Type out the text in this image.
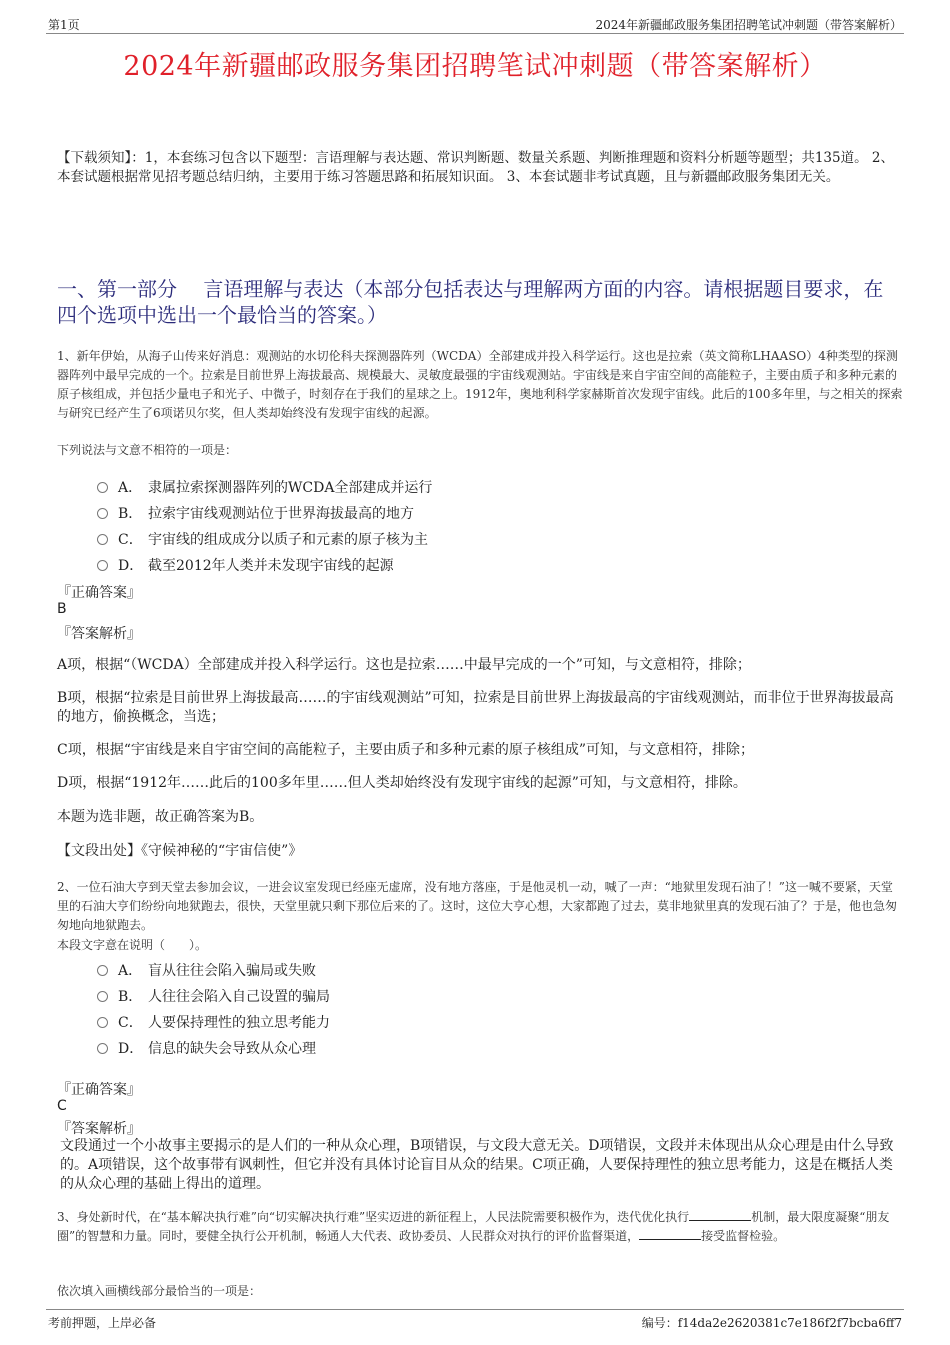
第1页	2024年新疆邮政服务集团招聘笔试冲刺题（带答案解析）
2024年新疆邮政服务集团招聘笔试冲刺题（带答案解析）
【下载须知】：1，本套练习包含以下题型：言语理解与表达题、常识判断题、数量关系题、判断推理题和资料分析题等题型；共135道。 2、本套试题根据常见招考题总结归纳，主要用于练习答题思路和拓展知识面。 3、本套试题非考试真题，且与新疆邮政服务集团无关。
一、第一部分 　言语理解与表达（本部分包括表达与理解两方面的内容。请根据题目要求，在四个选项中选出一个最恰当的答案。）
1、新年伊始，从海子山传来好消息：观测站的水切伦科夫探测器阵列（WCDA）全部建成并投入科学运行。这也是拉索（英文简称LHAASO）4种类型的探测器阵列中最早完成的一个。拉索是目前世界上海拔最高、规模最大、灵敏度最强的宇宙线观测站。宇宙线是来自宇宙空间的高能粒子，主要由质子和多种元素的原子核组成，并包括少量电子和光子、中微子，时刻存在于我们的星球之上。1912年，奥地利科学家赫斯首次发现宇宙线。此后的100多年里，与之相关的探索与研究已经产生了6项诺贝尔奖，但人类却始终没有发现宇宙线的起源。
下列说法与文意不相符的一项是：
A． 隶属拉索探测器阵列的WCDA全部建成并运行
B． 拉索宇宙线观测站位于世界海拔最高的地方
C． 宇宙线的组成成分以质子和元素的原子核为主
D． 截至2012年人类并未发现宇宙线的起源
『正确答案』
B
『答案解析』
A项，根据“（WCDA）全部建成并投入科学运行。这也是拉索……中最早完成的一个”可知，与文意相符，排除；
B项，根据“拉索是目前世界上海拔最高……的宇宙线观测站”可知，拉索是目前世界上海拔最高的宇宙线观测站，而非位于世界海拔最高的地方，偷换概念，当选；
C项，根据“宇宙线是来自宇宙空间的高能粒子，主要由质子和多种元素的原子核组成”可知，与文意相符，排除；
D项，根据“1912年……此后的100多年里……但人类却始终没有发现宇宙线的起源”可知，与文意相符，排除。
本题为选非题，故正确答案为B。
【文段出处】《守候神秘的“宇宙信使”》
2、一位石油大亨到天堂去参加会议，一进会议室发现已经座无虚席，没有地方落座，于是他灵机一动，喊了一声：“地狱里发现石油了！”这一喊不要紧，天堂里的石油大亨们纷纷向地狱跑去，很快，天堂里就只剩下那位后来的了。这时，这位大亨心想，大家都跑了过去，莫非地狱里真的发现石油了？于是，他也急匆匆地向地狱跑去。
本段文字意在说明（　　）。
A． 盲从往往会陷入骗局或失败
B． 人往往会陷入自己设置的骗局
C． 人要保持理性的独立思考能力
D． 信息的缺失会导致从众心理
『正确答案』
C
『答案解析』
文段通过一个小故事主要揭示的是人们的一种从众心理，B项错误，与文段大意无关。D项错误，文段并未体现出从众心理是由什么导致的。A项错误，这个故事带有讽刺性，但它并没有具体讨论盲目从众的结果。C项正确，人要保持理性的独立思考能力，这是在概括人类的从众心理的基础上得出的道理。
3、身处新时代，在“基本解决执行难”向“切实解决执行难”坚实迈进的新征程上，人民法院需要积极作为，迭代优化执行	机制，最大限度凝聚“朋友圈”的智慧和力量。同时，要健全执行公开机制，畅通人大代表、政协委员、人民群众对执行的评价监督渠道，	接受监督检验。
依次填入画横线部分最恰当的一项是：
考前押题，上岸必备	编号：f14da2e2620381c7e186f2f7bcba6ff7
